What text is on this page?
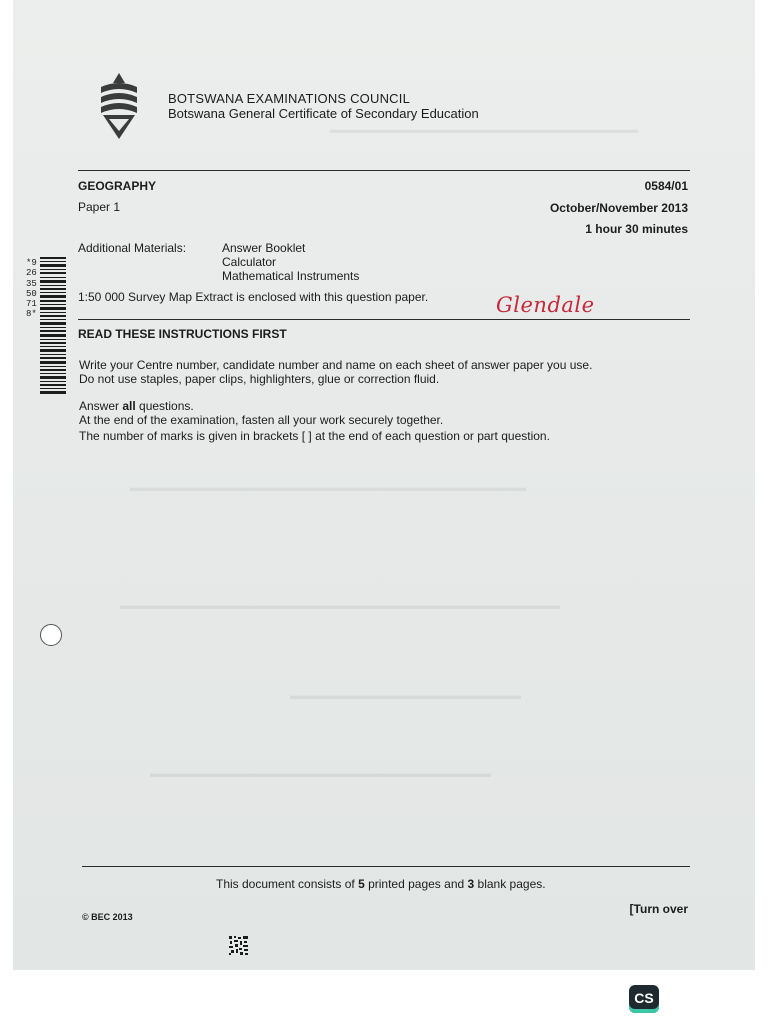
▬▬▬▬▬▬▬▬▬▬▬▬▬▬▬▬▬▬▬▬▬▬▬▬▬▬▬▬
▬▬▬▬▬▬▬▬▬▬▬▬▬▬▬▬▬▬▬▬▬▬▬▬▬▬▬▬▬▬▬▬▬▬▬▬
▬▬▬▬▬▬▬▬▬▬▬▬▬▬▬▬▬▬▬▬▬▬▬▬▬▬▬▬▬▬▬▬▬▬▬▬▬▬▬▬
▬▬▬▬▬▬▬▬▬▬▬▬▬▬▬▬▬▬▬▬▬
▬▬▬▬▬▬▬▬▬▬▬▬▬▬▬▬▬▬▬▬▬▬▬▬▬▬▬▬▬▬▬
BOTSWANA EXAMINATIONS COUNCIL
Botswana General Certificate of Secondary Education
GEOGRAPHY
Paper 1
0584/01
October/November 2013
1 hour 30 minutes
Additional Materials:	Answer Booklet
Calculator
Mathematical Instruments
1:50 000 Survey Map Extract is enclosed with this question paper.	Glendale
READ THESE INSTRUCTIONS FIRST
Write your Centre number, candidate number and name on each sheet of answer paper you use.
Do not use staples, paper clips, highlighters, glue or correction fluid.
Answer all questions.
At the end of the examination, fasten all your work securely together.
The number of marks is given in brackets [ ] at the end of each question or part question.
*9263550718*
This document consists of 5 printed pages and 3 blank pages.
[Turn over
© BEC 2013
CS
